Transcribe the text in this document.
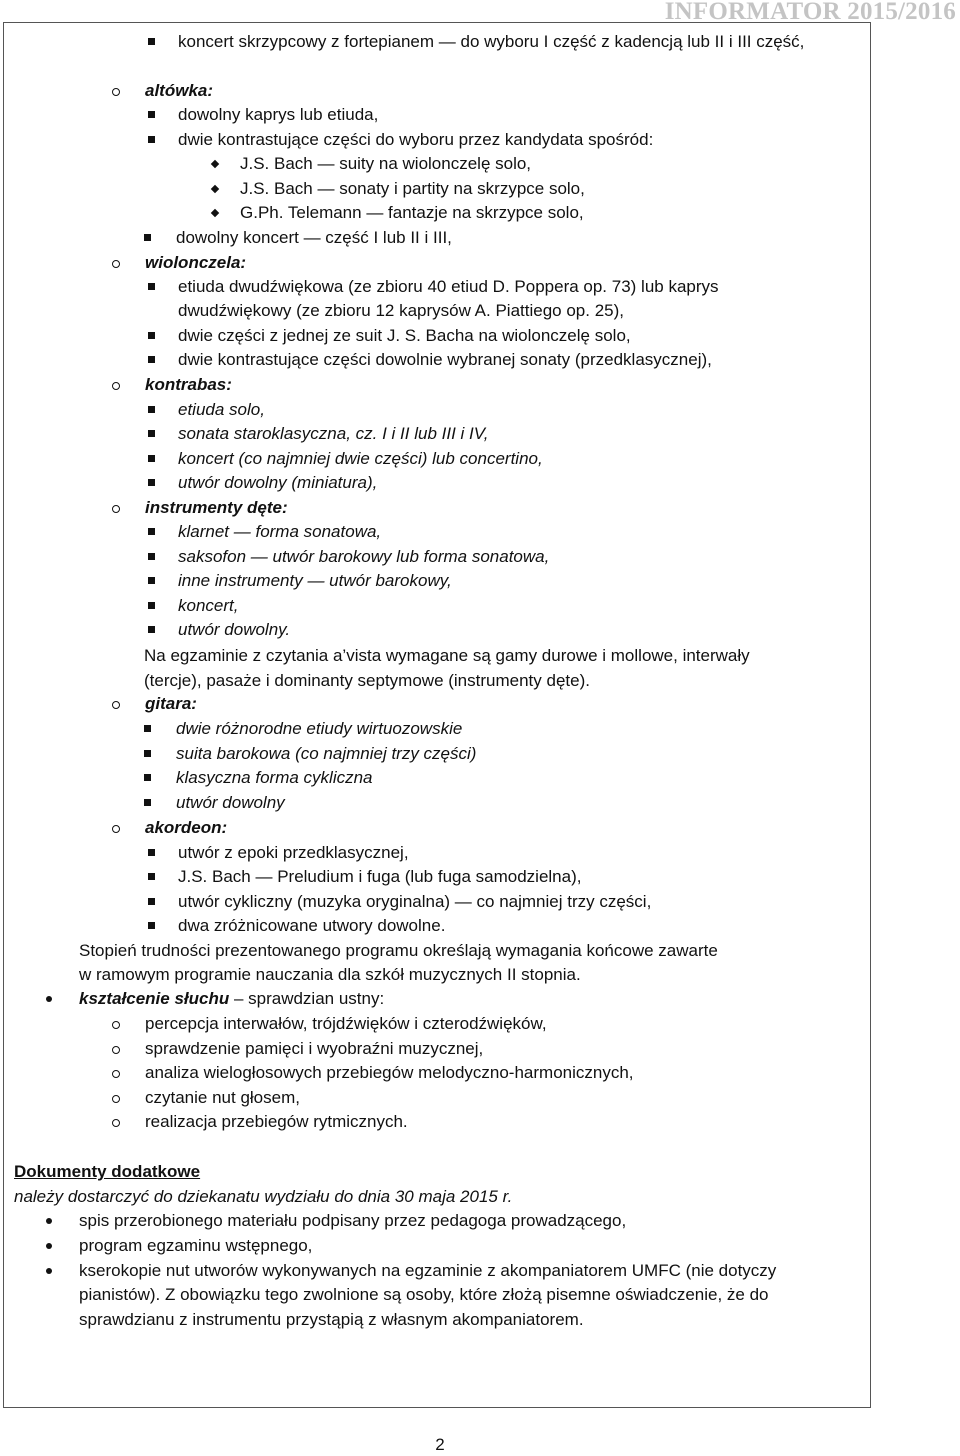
INFORMATOR 2015/2016
koncert skrzypcowy z fortepianem — do wyboru I część z kadencją lub II i III część,
altówka:
dowolny kaprys lub etiuda,
dwie kontrastujące części do wyboru przez kandydata spośród:
J.S. Bach — suity na wiolonczelę solo,
J.S. Bach — sonaty i partity na skrzypce solo,
G.Ph. Telemann — fantazje na skrzypce solo,
dowolny koncert — część I lub II i III,
wiolonczela:
etiuda dwudźwiękowa (ze zbioru 40 etiud D. Poppera op. 73) lub kaprys
dwudźwiękowy (ze zbioru 12 kaprysów A. Piattiego op. 25),
dwie części z jednej ze suit J. S. Bacha na wiolonczelę solo,
dwie kontrastujące części dowolnie wybranej sonaty (przedklasycznej),
kontrabas:
etiuda solo,
sonata staroklasyczna, cz. I i II lub III i IV,
koncert (co najmniej dwie części) lub concertino,
utwór dowolny (miniatura),
instrumenty dęte:
klarnet — forma sonatowa,
saksofon — utwór barokowy lub forma sonatowa,
inne instrumenty — utwór barokowy,
koncert,
utwór dowolny.
Na egzaminie z czytania a’vista wymagane są gamy durowe i mollowe, interwały
(tercje), pasaże i dominanty septymowe (instrumenty dęte).
gitara:
dwie różnorodne etiudy wirtuozowskie
suita barokowa (co najmniej trzy części)
klasyczna forma cykliczna
utwór dowolny
akordeon:
utwór z epoki przedklasycznej,
J.S. Bach — Preludium i fuga (lub fuga samodzielna),
utwór cykliczny (muzyka oryginalna) — co najmniej trzy części,
dwa zróżnicowane utwory dowolne.
Stopień trudności prezentowanego programu określają wymagania końcowe zawarte
w ramowym programie nauczania dla szkół muzycznych II stopnia.
kształcenie słuchu – sprawdzian ustny:
percepcja interwałów, trójdźwięków i czterodźwięków,
sprawdzenie pamięci i wyobraźni muzycznej,
analiza wielogłosowych przebiegów melodyczno-harmonicznych,
czytanie nut głosem,
realizacja przebiegów rytmicznych.
Dokumenty dodatkowe
należy dostarczyć do dziekanatu wydziału do dnia 30 maja 2015 r.
spis przerobionego materiału podpisany przez pedagoga prowadzącego,
program egzaminu wstępnego,
kserokopie nut utworów wykonywanych na egzaminie z akompaniatorem UMFC (nie dotyczy
pianistów). Z obowiązku tego zwolnione są osoby, które złożą pisemne oświadczenie, że do
sprawdzianu z instrumentu przystąpią z własnym akompaniatorem.
2
